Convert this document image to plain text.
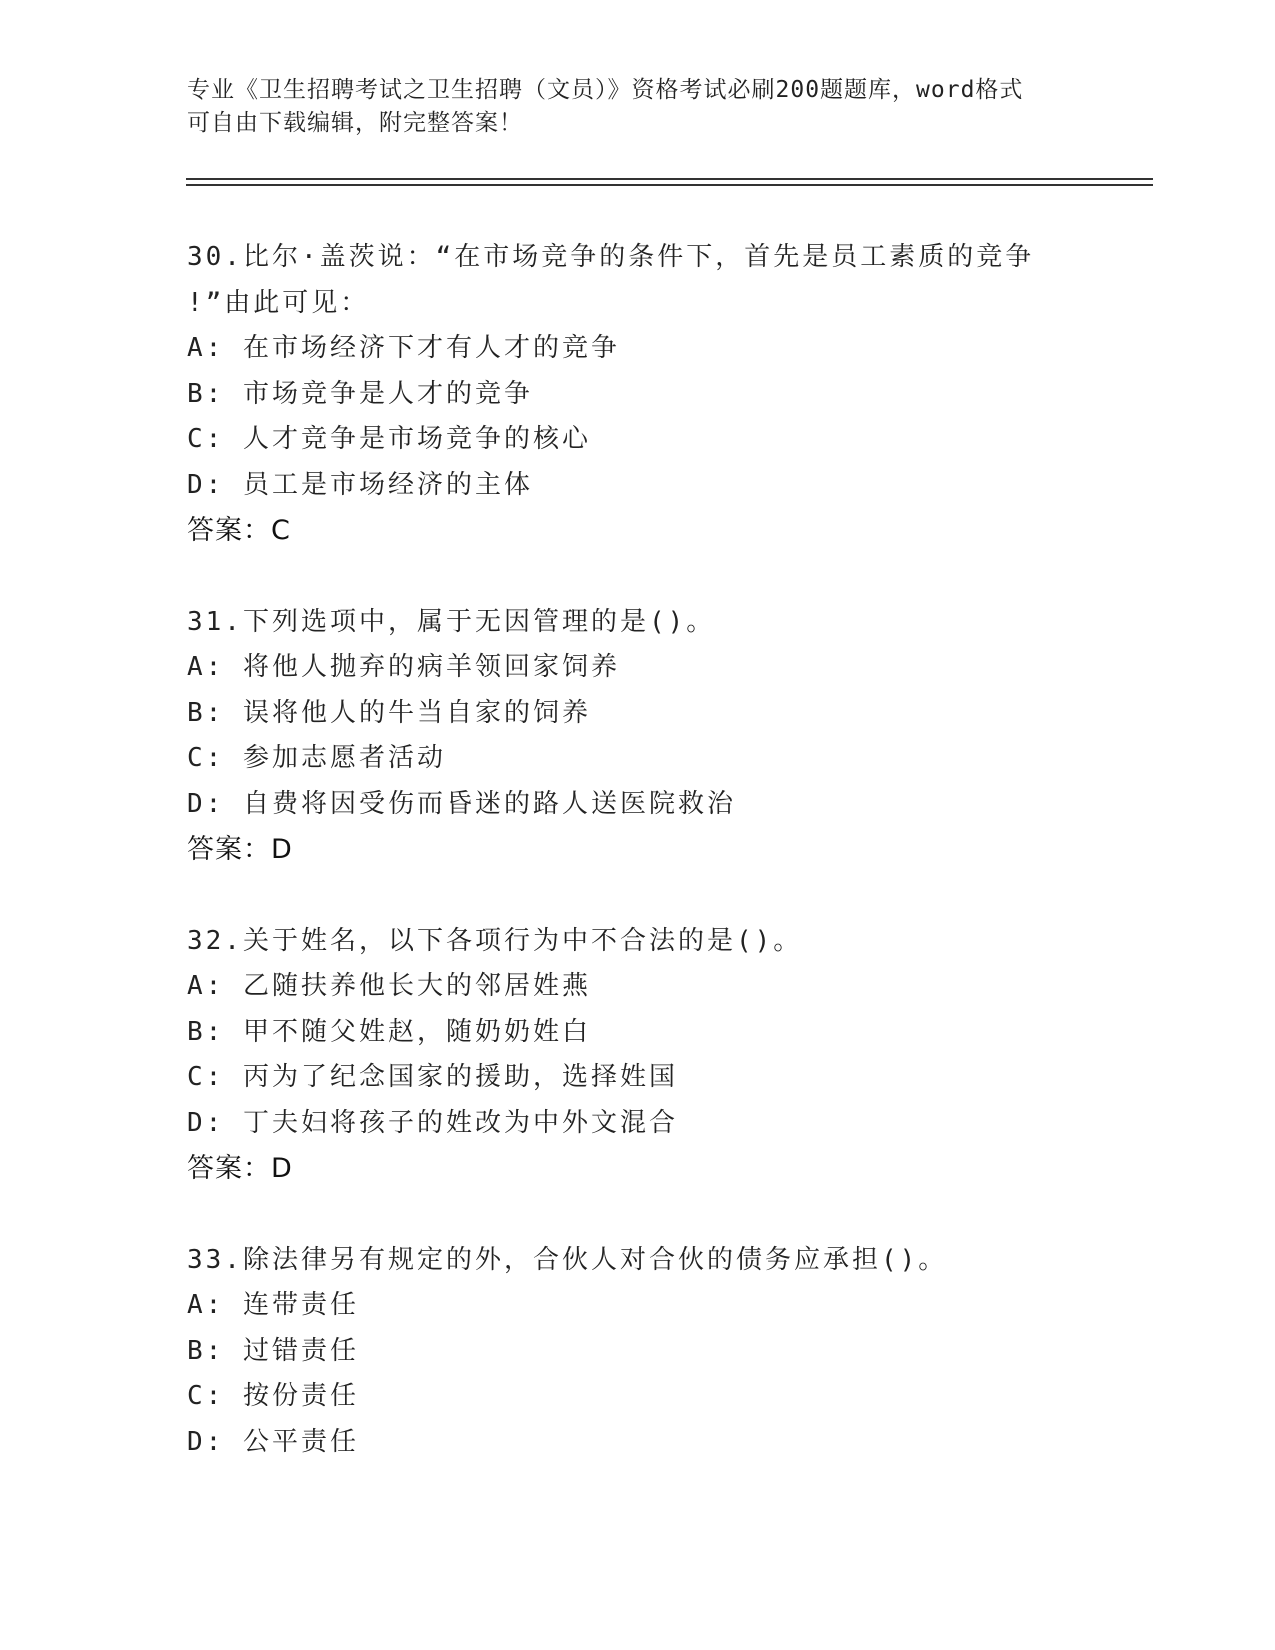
专业《卫生招聘考试之卫生招聘（文员）》资格考试必刷200题题库，word格式
可自由下载编辑，附完整答案！
30.比尔·盖茨说：“在市场竞争的条件下，首先是员工素质的竞争
!”由此可见：
A: 在市场经济下才有人才的竞争
B: 市场竞争是人才的竞争
C: 人才竞争是市场竞争的核心
D: 员工是市场经济的主体
答案：C
31.下列选项中，属于无因管理的是()。
A: 将他人抛弃的病羊领回家饲养
B: 误将他人的牛当自家的饲养
C: 参加志愿者活动
D: 自费将因受伤而昏迷的路人送医院救治
答案：D
32.关于姓名，以下各项行为中不合法的是()。
A: 乙随扶养他长大的邻居姓燕
B: 甲不随父姓赵，随奶奶姓白
C: 丙为了纪念国家的援助，选择姓国
D: 丁夫妇将孩子的姓改为中外文混合
答案：D
33.除法律另有规定的外，合伙人对合伙的债务应承担()。
A: 连带责任
B: 过错责任
C: 按份责任
D: 公平责任
